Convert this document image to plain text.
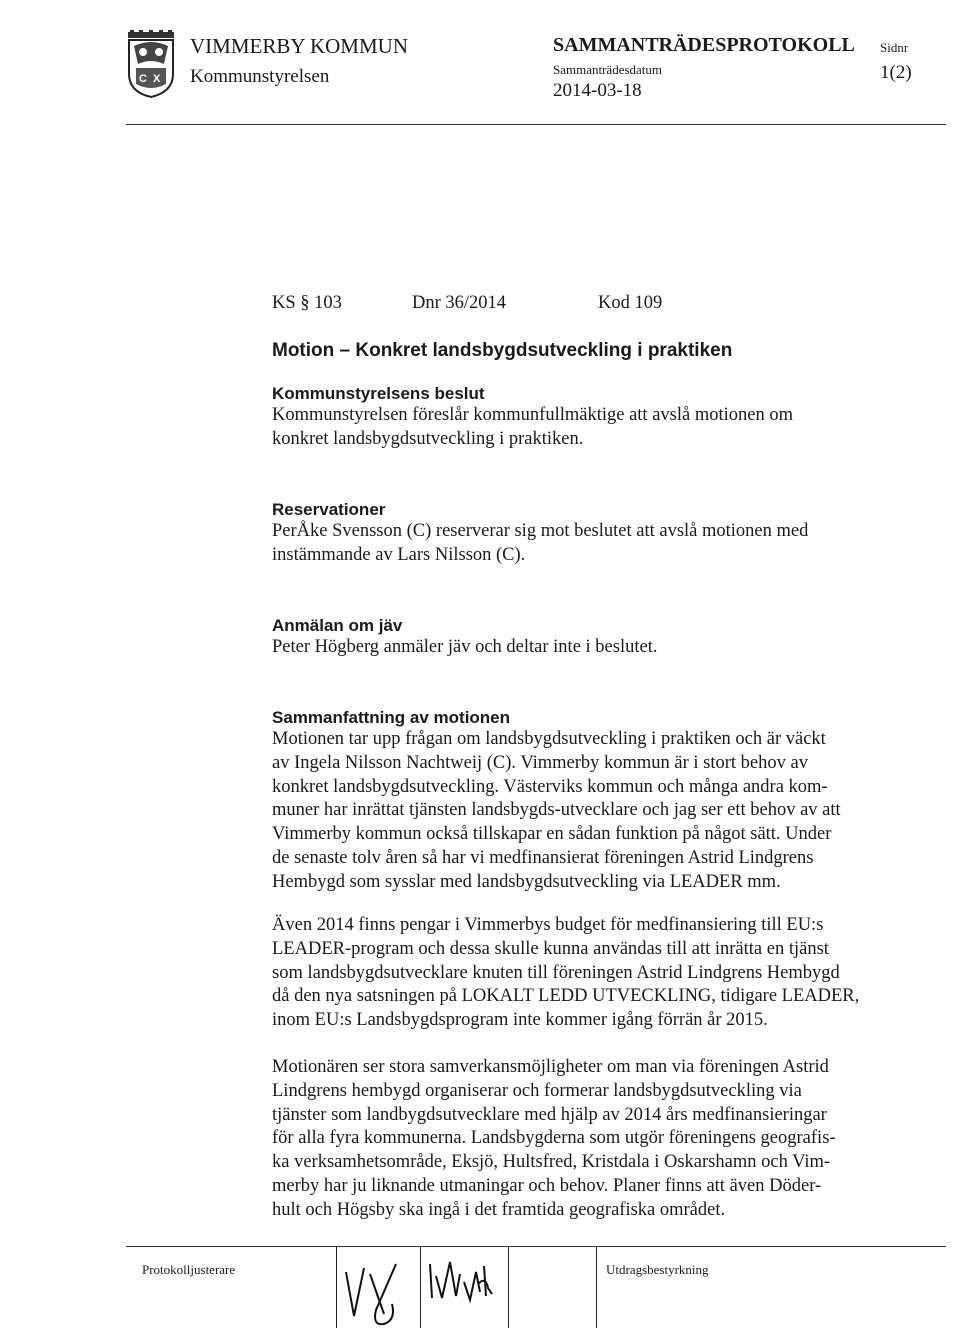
C X
VIMMERBY KOMMUN
Kommunstyrelsen
SAMMANTRÄDESPROTOKOLL
Sammanträdesdatum
2014-03-18
Sidnr
1(2)
KS § 103	Dnr 36/2014	Kod 109
Motion – Konkret landsbygdsutveckling i praktiken
Kommunstyrelsens beslut
Kommunstyrelsen föreslår kommunfullmäktige att avslå motionen om
konkret landsbygdsutveckling i praktiken.
Reservationer
PerÅke Svensson (C) reserverar sig mot beslutet att avslå motionen med
instämmande av Lars Nilsson (C).
Anmälan om jäv
Peter Högberg anmäler jäv och deltar inte i beslutet.
Sammanfattning av motionen
Motionen tar upp frågan om landsbygdsutveckling i praktiken och är väckt
av Ingela Nilsson Nachtweij (C). Vimmerby kommun är i stort behov av
konkret landsbygdsutveckling. Västerviks kommun och många andra kom-
muner har inrättat tjänsten landsbygds-utvecklare och jag ser ett behov av att
Vimmerby kommun också tillskapar en sådan funktion på något sätt. Under
de senaste tolv åren så har vi medfinansierat föreningen Astrid Lindgrens
Hembygd som sysslar med landsbygdsutveckling via LEADER mm.
Även 2014 finns pengar i Vimmerbys budget för medfinansiering till EU:s
LEADER-program och dessa skulle kunna användas till att inrätta en tjänst
som landsbygdsutvecklare knuten till föreningen Astrid Lindgrens Hembygd
då den nya satsningen på LOKALT LEDD UTVECKLING, tidigare LEADER,
inom EU:s Landsbygdsprogram inte kommer igång förrän år 2015.
Motionären ser stora samverkansmöjligheter om man via föreningen Astrid
Lindgrens hembygd organiserar och formerar landsbygdsutveckling via
tjänster som landbygdsutvecklare med hjälp av 2014 års medfinansieringar
för alla fyra kommunerna. Landsbygderna som utgör föreningens geografis-
ka verksamhetsområde, Eksjö, Hultsfred, Kristdala i Oskarshamn och Vim-
merby har ju liknande utmaningar och behov. Planer finns att även Döder-
hult och Högsby ska ingå i det framtida geografiska området.
Protokolljusterare	Utdragsbestyrkning
